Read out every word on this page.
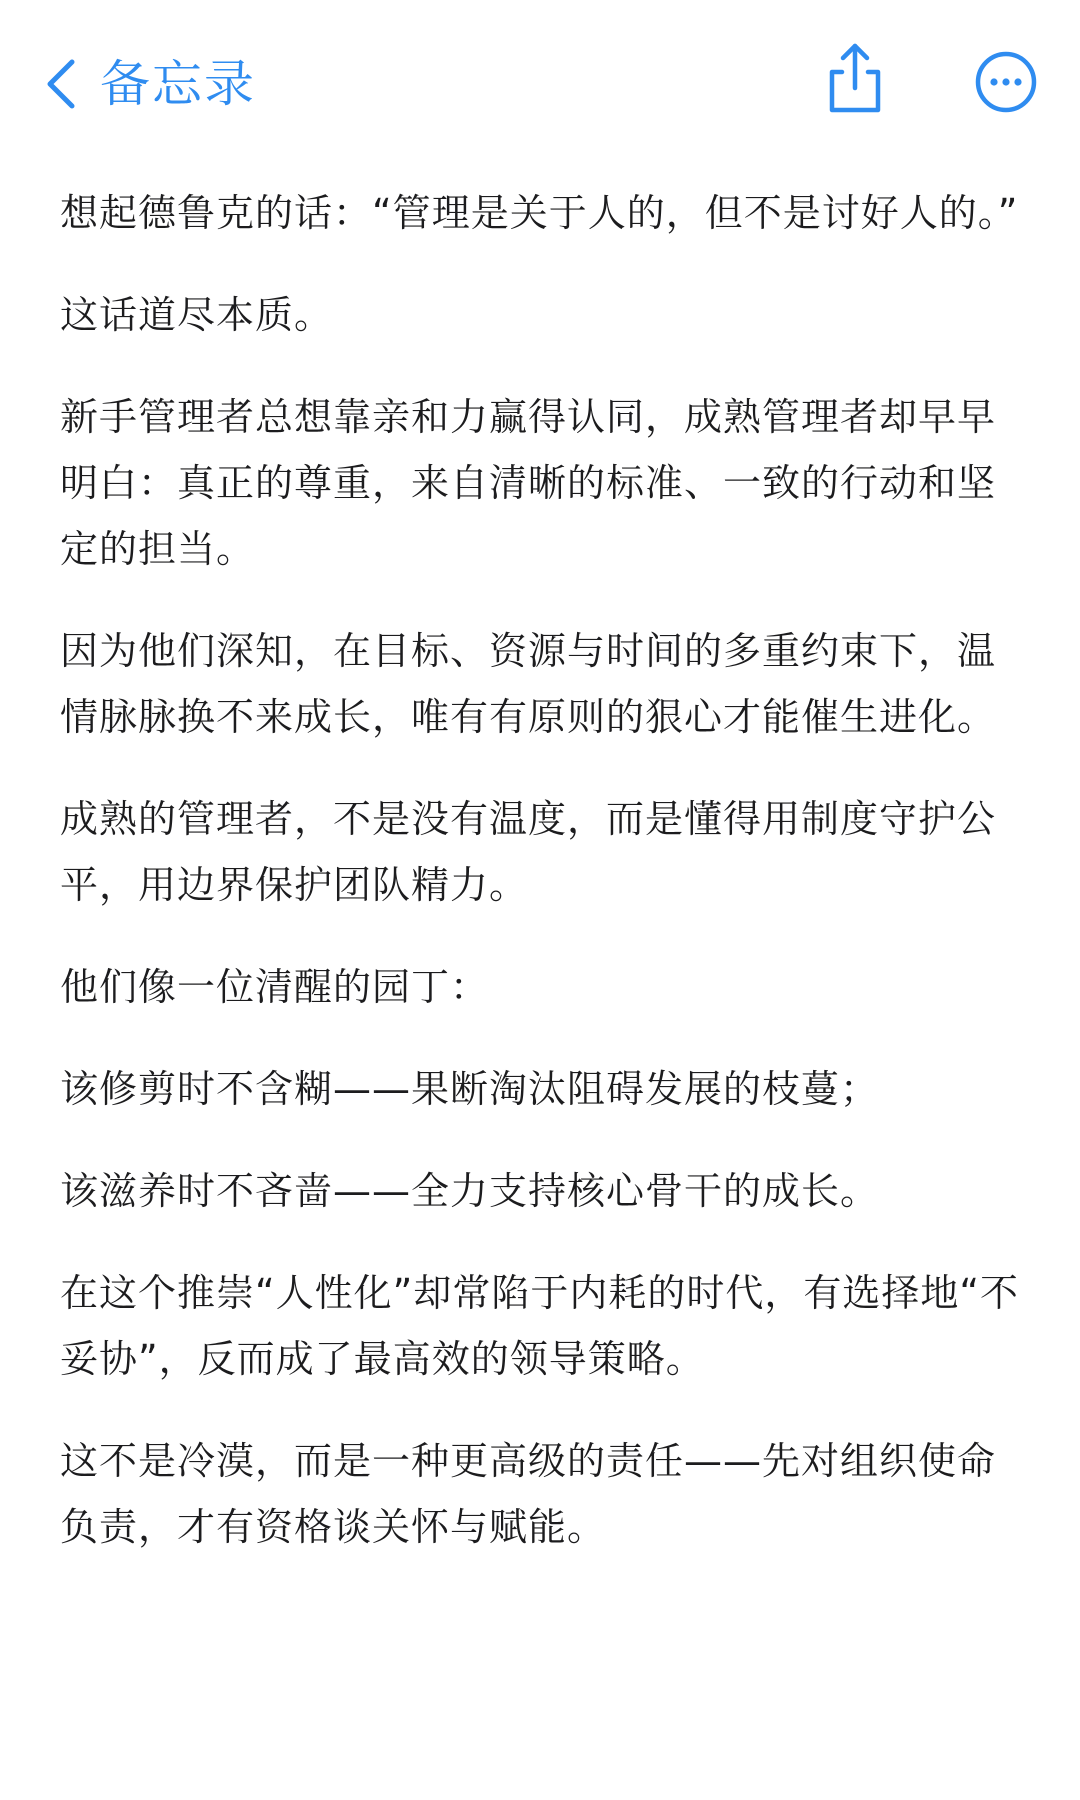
备忘录

想起德鲁克的话：“管理是关于人的，但不是讨好人的。”

这话道尽本质。

新手管理者总想靠亲和力赢得认同，成熟管理者却早早明白：真正的尊重，来自清晰的标准、一致的行动和坚定的担当。

因为他们深知，在目标、资源与时间的多重约束下，温情脉脉换不来成长，唯有有原则的狠心才能催生进化。

成熟的管理者，不是没有温度，而是懂得用制度守护公平，用边界保护团队精力。

他们像一位清醒的园丁：

该修剪时不含糊——果断淘汰阻碍发展的枝蔓；

该滋养时不吝啬——全力支持核心骨干的成长。

在这个推崇“人性化”却常陷于内耗的时代，有选择地“不妥协”，反而成了最高效的领导策略。

这不是冷漠，而是一种更高级的责任——先对组织使命负责，才有资格谈关怀与赋能。
